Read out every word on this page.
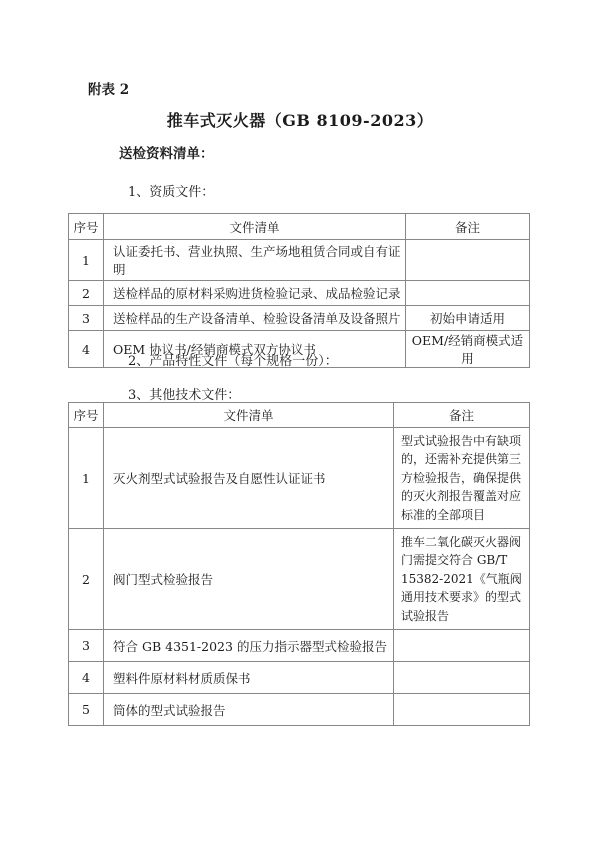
附表 2
推车式灭火器（GB 8109-2023）
送检资料清单：
1、资质文件：
序号	文件清单	备注
1	认证委托书、营业执照、生产场地租赁合同或自有证明	
2	送检样品的原材料采购进货检验记录、成品检验记录	
3	送检样品的生产设备清单、检验设备清单及设备照片	初始申请适用
4	OEM 协议书/经销商模式双方协议书	OEM/经销商模式适用
2、产品特性文件（每个规格一份）：
3、其他技术文件：
序号	文件清单	备注
1	灭火剂型式试验报告及自愿性认证证书	型式试验报告中有缺项的，还需补充提供第三方检验报告，确保提供的灭火剂报告覆盖对应标准的全部项目
2	阀门型式检验报告	推车二氧化碳灭火器阀门需提交符合 GB/T 15382-2021《气瓶阀通用技术要求》的型式试验报告
3	符合 GB 4351-2023 的压力指示器型式检验报告	
4	塑料件原材料材质质保书	
5	筒体的型式试验报告	
